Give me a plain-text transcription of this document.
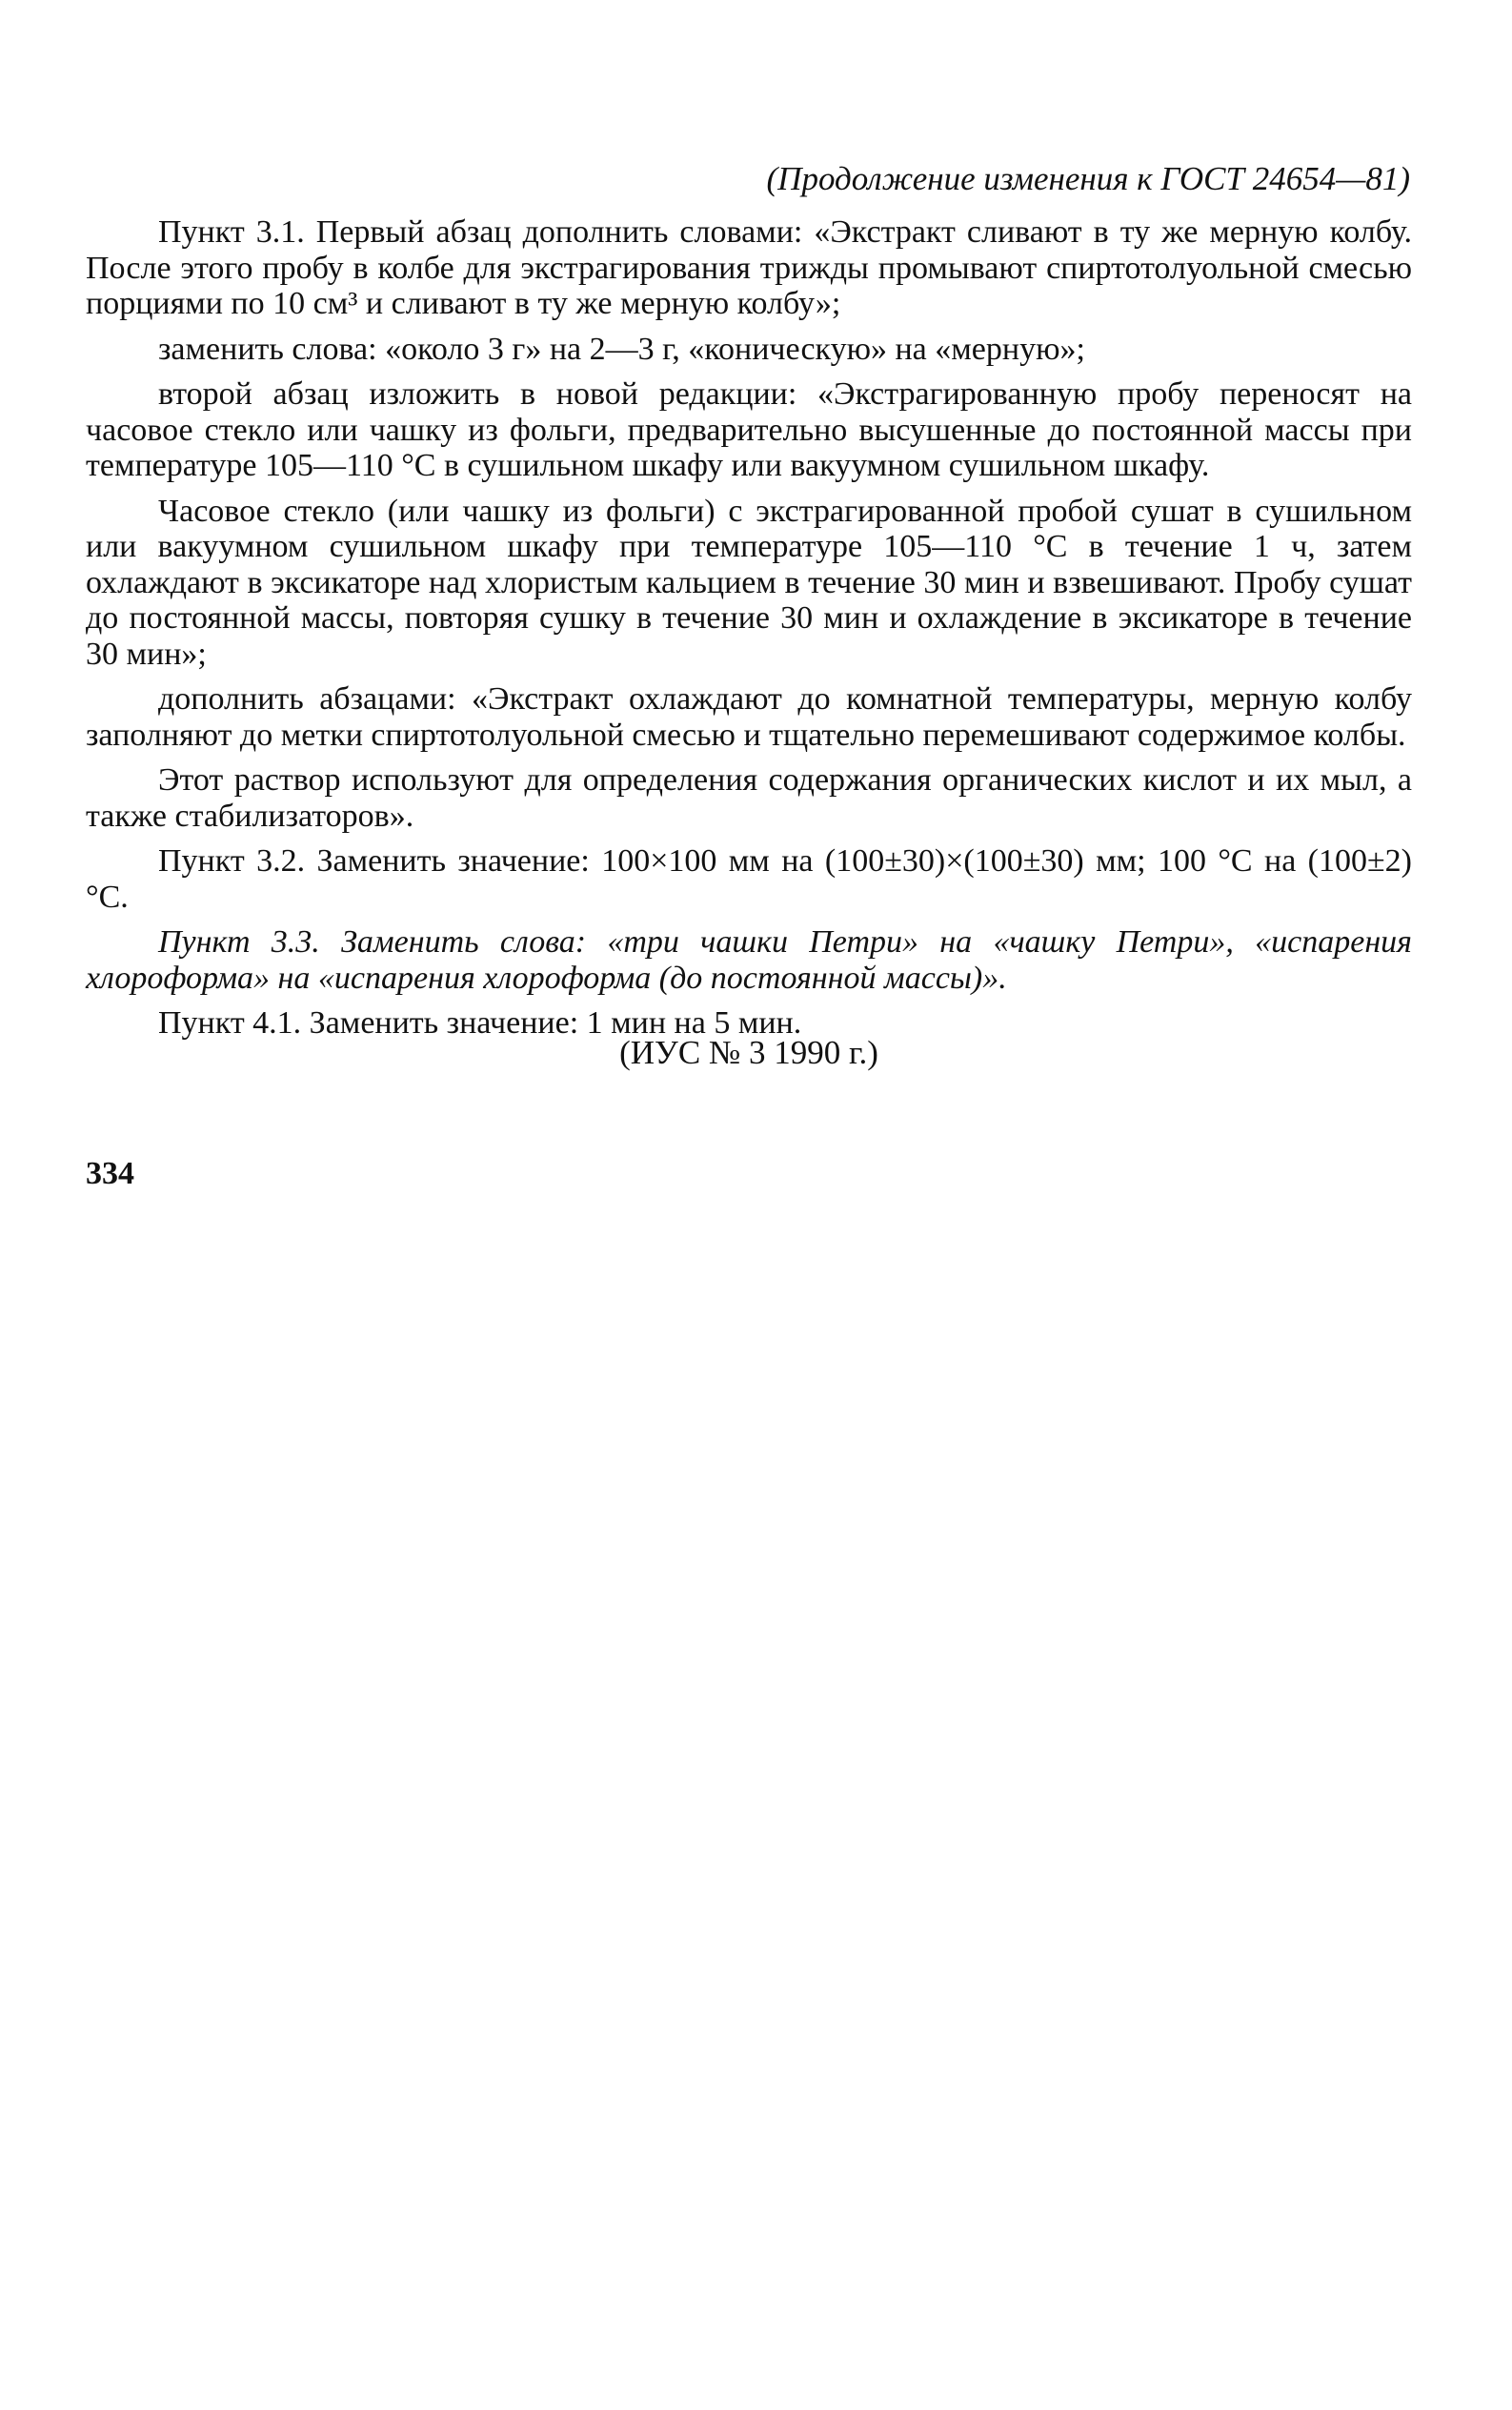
(Продолжение изменения к ГОСТ 24654—81)

Пункт 3.1. Первый абзац дополнить словами: «Экстракт сливают в ту же мерную колбу. После этого пробу в колбе для экстрагирования трижды промывают спиртотолуольной смесью порциями по 10 см³ и сливают в ту же мерную колбу»;

заменить слова: «около 3 г» на 2—3 г, «коническую» на «мерную»;

второй абзац изложить в новой редакции: «Экстрагированную пробу переносят на часовое стекло или чашку из фольги, предварительно высушенные до постоянной массы при температуре 105—110 °С в сушильном шкафу или вакуумном сушильном шкафу.

Часовое стекло (или чашку из фольги) с экстрагированной пробой сушат в сушильном или вакуумном сушильном шкафу при температуре 105—110 °С в течение 1 ч, затем охлаждают в эксикаторе над хлористым кальцием в течение 30 мин и взвешивают. Пробу сушат до постоянной массы, повторяя сушку в течение 30 мин и охлаждение в эксикаторе в течение 30 мин»;

дополнить абзацами: «Экстракт охлаждают до комнатной температуры, мерную колбу заполняют до метки спиртотолуольной смесью и тщательно перемешивают содержимое колбы.

Этот раствор используют для определения содержания органических кислот и их мыл, а также стабилизаторов».

Пункт 3.2. Заменить значение: 100×100 мм на (100±30)×(100±30) мм; 100 °С на (100±2) °С.

Пункт 3.3. Заменить слова: «три чашки Петри» на «чашку Петри», «испарения хлороформа» на «испарения хлороформа (до постоянной массы)».

Пункт 4.1. Заменить значение: 1 мин на 5 мин.

(ИУС № 3 1990 г.)
334
